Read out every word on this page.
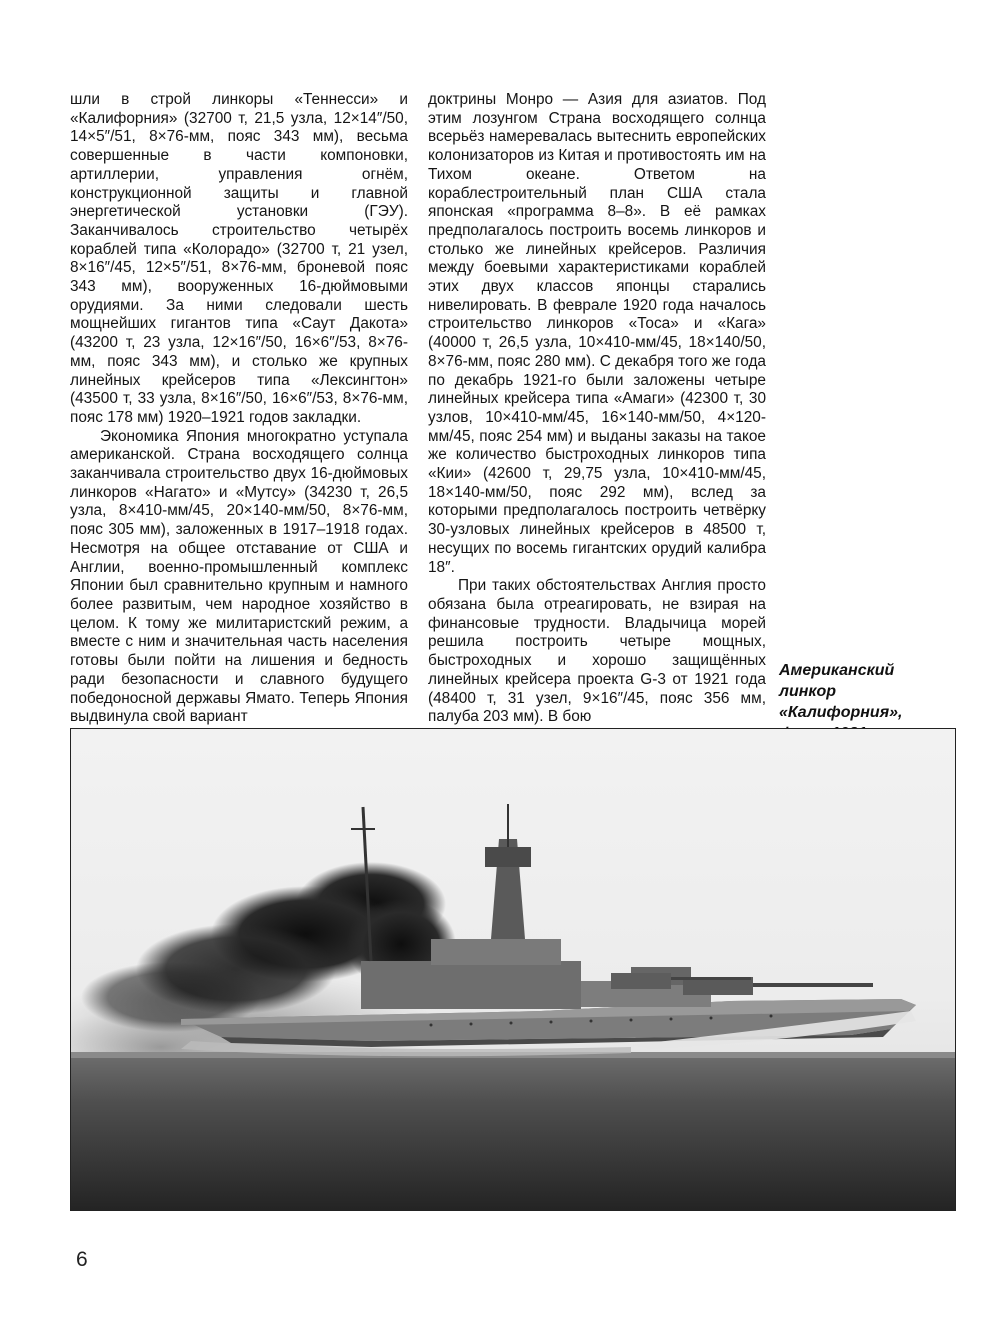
шли в строй линкоры «Теннесси» и «Калифорния» (32700 т, 21,5 узла, 12×14″/50, 14×5″/51, 8×76-мм, пояс 343 мм), весьма совершенные в части компоновки, артиллерии, управления огнём, конструкционной защиты и главной энергетической установки (ГЭУ). Заканчивалось строительство четырёх кораблей типа «Колорадо» (32700 т, 21 узел, 8×16″/45, 12×5″/51, 8×76-мм, броневой пояс 343 мм), вооруженных 16-дюймовыми орудиями. За ними следовали шесть мощнейших гигантов типа «Саут Дакота» (43200 т, 23 узла, 12×16″/50, 16×6″/53, 8×76-мм, пояс 343 мм), и столько же крупных линейных крейсеров типа «Лексингтон» (43500 т, 33 узла, 8×16″/50, 16×6″/53, 8×76-мм, пояс 178 мм) 1920–1921 годов закладки.

Экономика Япония многократно уступала американской. Страна восходящего солнца заканчивала строительство двух 16-дюймовых линкоров «Нагато» и «Мутсу» (34230 т, 26,5 узла, 8×410-мм/45, 20×140-мм/50, 8×76-мм, пояс 305 мм), заложенных в 1917–1918 годах. Несмотря на общее отставание от США и Англии, военно-промышленный комплекс Японии был сравнительно крупным и намного более развитым, чем народное хозяйство в целом. К тому же милитаристский режим, а вместе с ним и значительная часть населения готовы были пойти на лишения и бедность ради безопасности и славного будущего победоносной державы Ямато. Теперь Япония выдвинула свой вариант

доктрины Монро — Азия для азиатов. Под этим лозунгом Страна восходящего солнца всерьёз намеревалась вытеснить европейских колонизаторов из Китая и противостоять им на Тихом океане. Ответом на кораблестроительный план США стала японская «программа 8–8». В её рамках предполагалось построить восемь линкоров и столько же линейных крейсеров. Различия между боевыми характеристиками кораблей этих двух классов японцы старались нивелировать. В феврале 1920 года началось строительство линкоров «Тоса» и «Кага» (40000 т, 26,5 узла, 10×410-мм/45, 18×140/50, 8×76-мм, пояс 280 мм). С декабря того же года по декабрь 1921-го были заложены четыре линейных крейсера типа «Амаги» (42300 т, 30 узлов, 10×410-мм/45, 16×140-мм/50, 4×120-мм/45, пояс 254 мм) и выданы заказы на такое же количество быстроходных линкоров типа «Кии» (42600 т, 29,75 узла, 10×410-мм/45, 18×140-мм/50, пояс 292 мм), вслед за которыми предполагалось построить четвёрку 30-узловых линейных крейсеров в 48500 т, несущих по восемь гигантских орудий калибра 18″.

При таких обстоятельствах Англия просто обязана была отреагировать, не взирая на финансовые трудности. Владычица морей решила построить четыре мощных, быстроходных и хорошо защищённых линейных крейсера проекта G-3 от 1921 года (48400 т, 31 узел, 9×16″/45, пояс 356 мм, палуба 203 мм). В бою

Американский линкор «Калифорния»,
6
